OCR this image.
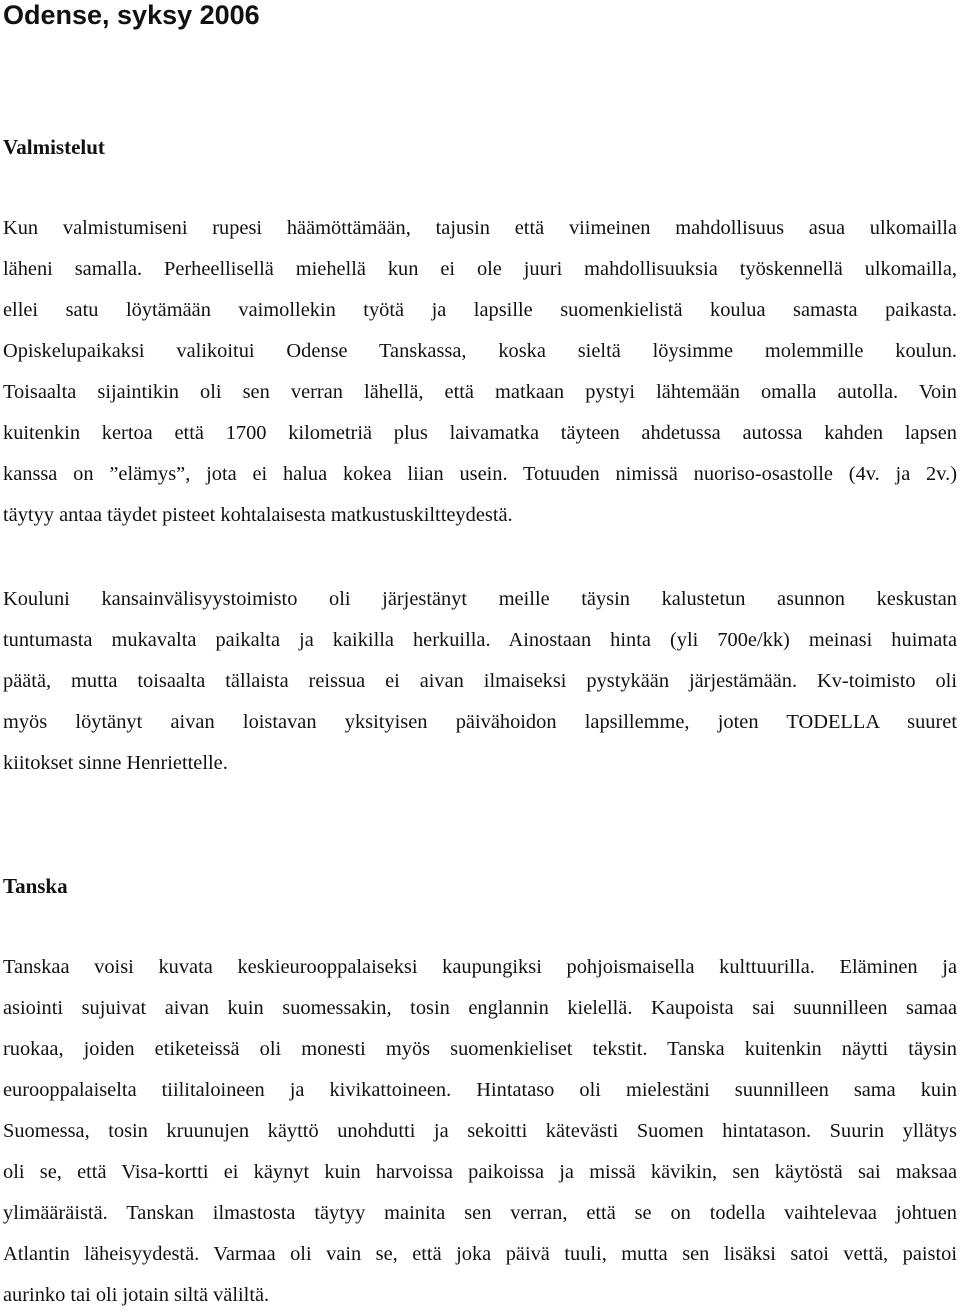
Odense, syksy 2006
Valmistelut
Kun valmistumiseni rupesi häämöttämään, tajusin että viimeinen mahdollisuus asua ulkomailla
läheni samalla. Perheellisellä miehellä kun ei ole juuri mahdollisuuksia työskennellä ulkomailla,
ellei satu löytämään vaimollekin työtä ja lapsille suomenkielistä koulua samasta paikasta.
Opiskelupaikaksi valikoitui Odense Tanskassa, koska sieltä löysimme molemmille koulun.
Toisaalta sijaintikin oli sen verran lähellä, että matkaan pystyi lähtemään omalla autolla. Voin
kuitenkin kertoa että 1700 kilometriä plus laivamatka täyteen ahdetussa autossa kahden lapsen
kanssa on ”elämys”, jota ei halua kokea liian usein. Totuuden nimissä nuoriso-osastolle (4v. ja 2v.)
täytyy antaa täydet pisteet kohtalaisesta matkustuskiltteydestä.
Kouluni kansainvälisyystoimisto oli järjestänyt meille täysin kalustetun asunnon keskustan
tuntumasta mukavalta paikalta ja kaikilla herkuilla. Ainostaan hinta (yli 700e/kk) meinasi huimata
päätä, mutta toisaalta tällaista reissua ei aivan ilmaiseksi pystykään järjestämään. Kv-toimisto oli
myös löytänyt aivan loistavan yksityisen päivähoidon lapsillemme, joten TODELLA suuret
kiitokset sinne Henriettelle.
Tanska
Tanskaa voisi kuvata keskieurooppalaiseksi kaupungiksi pohjoismaisella kulttuurilla. Eläminen ja
asiointi sujuivat aivan kuin suomessakin, tosin englannin kielellä. Kaupoista sai suunnilleen samaa
ruokaa, joiden etiketeissä oli monesti myös suomenkieliset tekstit. Tanska kuitenkin näytti täysin
eurooppalaiselta tiilitaloineen ja kivikattoineen. Hintataso oli mielestäni suunnilleen sama kuin
Suomessa, tosin kruunujen käyttö unohdutti ja sekoitti kätevästi Suomen hintatason. Suurin yllätys
oli se, että Visa-kortti ei käynyt kuin harvoissa paikoissa ja missä kävikin, sen käytöstä sai maksaa
ylimääräistä. Tanskan ilmastosta täytyy mainita sen verran, että se on todella vaihtelevaa johtuen
Atlantin läheisyydestä. Varmaa oli vain se, että joka päivä tuuli, mutta sen lisäksi satoi vettä, paistoi
aurinko tai oli jotain siltä väliltä.
